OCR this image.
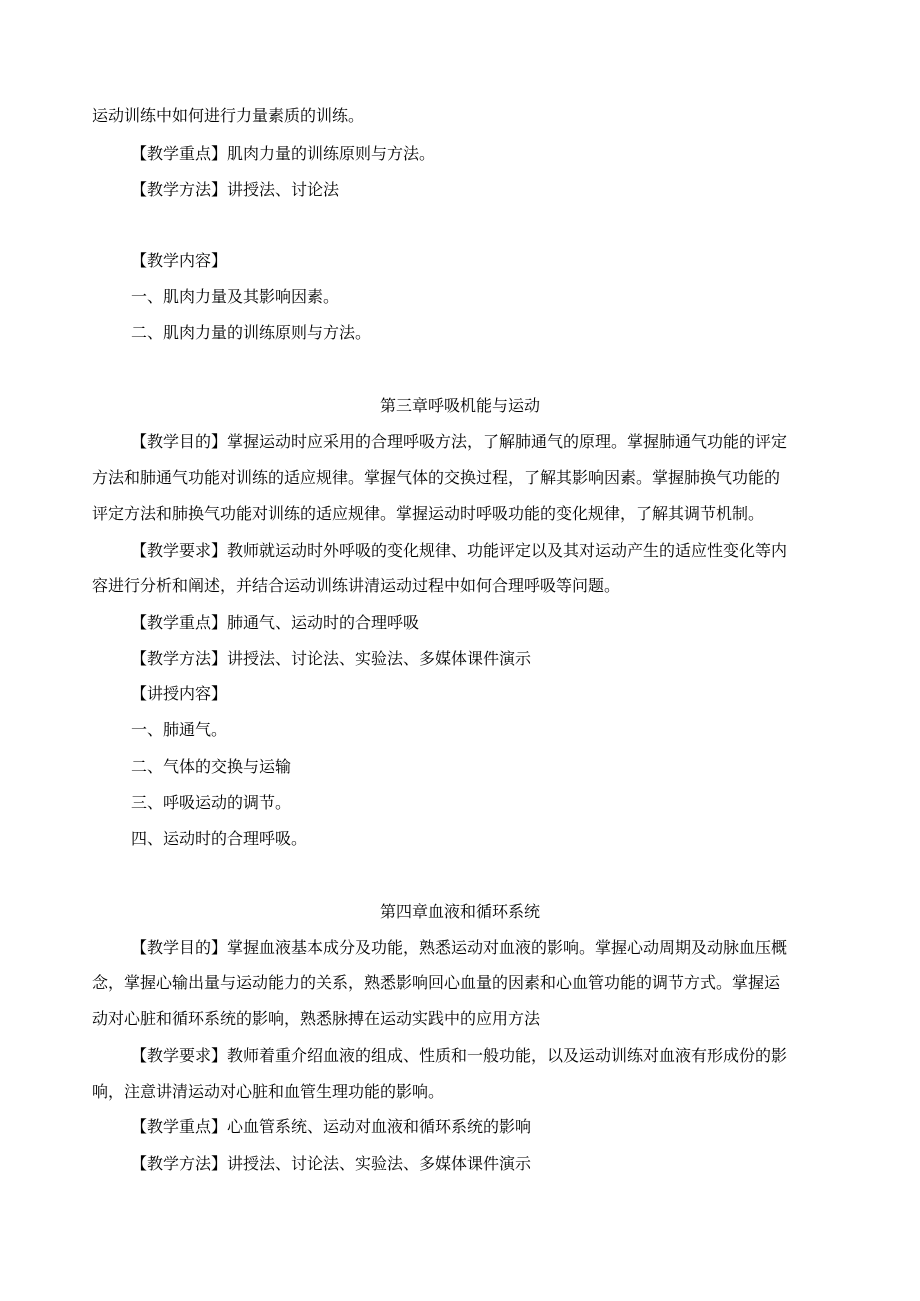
运动训练中如何进行力量素质的训练。

【教学重点】肌肉力量的训练原则与方法。

【教学方法】讲授法、讨论法

【教学内容】

一、肌肉力量及其影响因素。

二、肌肉力量的训练原则与方法。

第三章呼吸机能与运动

【教学目的】掌握运动时应采用的合理呼吸方法，了解肺通气的原理。掌握肺通气功能的评定

方法和肺通气功能对训练的适应规律。掌握气体的交换过程，了解其影响因素。掌握肺换气功能的

评定方法和肺换气功能对训练的适应规律。掌握运动时呼吸功能的变化规律，了解其调节机制。

【教学要求】教师就运动时外呼吸的变化规律、功能评定以及其对运动产生的适应性变化等内

容进行分析和阐述，并结合运动训练讲清运动过程中如何合理呼吸等问题。

【教学重点】肺通气、运动时的合理呼吸

【教学方法】讲授法、讨论法、实验法、多媒体课件演示

【讲授内容】

一、肺通气。

二、气体的交换与运输

三、呼吸运动的调节。

四、运动时的合理呼吸。

第四章血液和循环系统

【教学目的】掌握血液基本成分及功能，熟悉运动对血液的影响。掌握心动周期及动脉血压概

念，掌握心输出量与运动能力的关系，熟悉影响回心血量的因素和心血管功能的调节方式。掌握运

动对心脏和循环系统的影响，熟悉脉搏在运动实践中的应用方法

【教学要求】教师着重介绍血液的组成、性质和一般功能，以及运动训练对血液有形成份的影

响，注意讲清运动对心脏和血管生理功能的影响。

【教学重点】心血管系统、运动对血液和循环系统的影响

【教学方法】讲授法、讨论法、实验法、多媒体课件演示
